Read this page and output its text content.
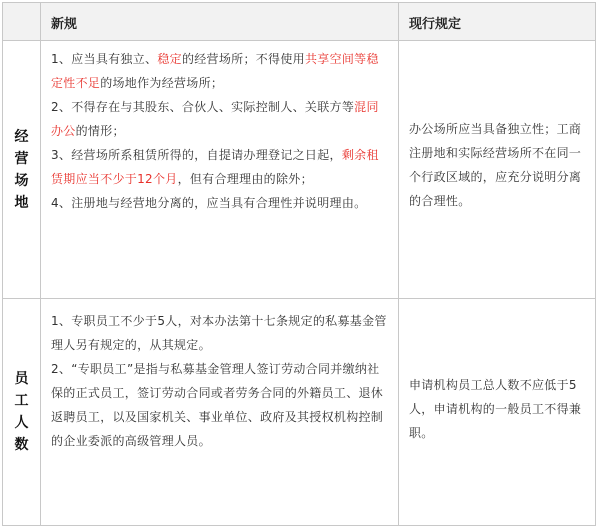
新规	现行规定
经
营
场
地
1、应当具有独立、稳定的经营场所；不得使用共享空间等稳定性不足的场地作为经营场所；
2、不得存在与其股东、合伙人、实际控制人、关联方等混同办公的情形；
3、经营场所系租赁所得的，自提请办理登记之日起，剩余租赁期应当不少于12个月，但有合理理由的除外；
4、注册地与经营地分离的，应当具有合理性并说明理由。
办公场所应当具备独立性；工商注册地和实际经营场所不在同一个行政区域的，应充分说明分离的合理性。
员
工
人
数
1、专职员工不少于5人，对本办法第十七条规定的私募基金管理人另有规定的，从其规定。
2、“专职员工”是指与私募基金管理人签订劳动合同并缴纳社保的正式员工，签订劳动合同或者劳务合同的外籍员工、退休返聘员工，以及国家机关、事业单位、政府及其授权机构控制的企业委派的高级管理人员。
申请机构员工总人数不应低于5人，申请机构的一般员工不得兼职。
